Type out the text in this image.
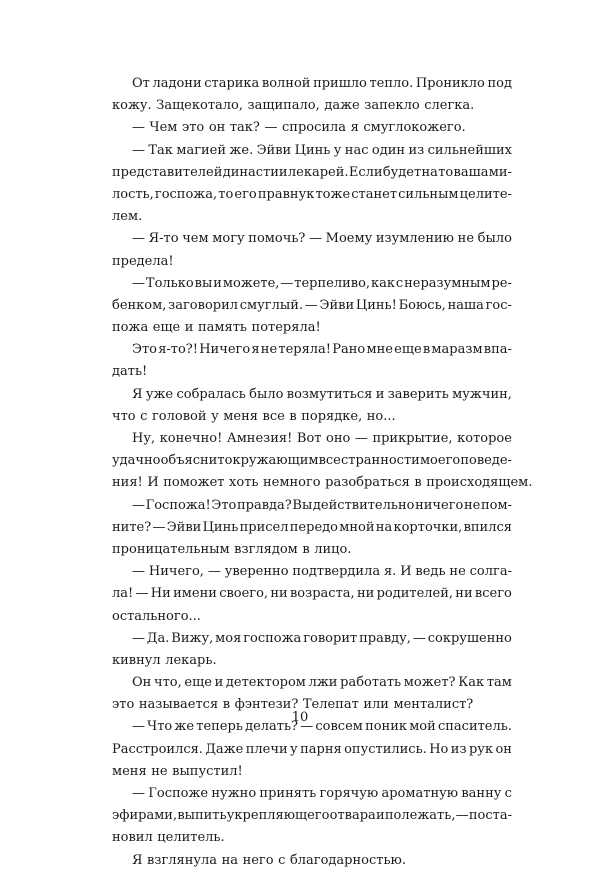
От ладони старика волной пришло тепло. Проникло под
кожу. Защекотало, защипало, даже запекло слегка.
— Чем это он так? — спросила я смуглокожего.
— Так магией же. Эйви Цинь у нас один из сильнейших
представителей династии лекарей. Если будет на то ваша ми-
лость, госпожа, то его правнук тоже станет сильным целите-
лем.
— Я-то чем могу помочь? — Моему изумлению не было
предела!
— Только вы и можете, — терпеливо, как с неразумным ре-
бенком, заговорил смуглый. — Эйви Цинь! Боюсь, наша гос-
пожа еще и память потеряла!
Это я-то?! Ничего я не теряла! Рано мне еще в маразм впа-
дать!
Я уже собралась было возмутиться и заверить мужчин,
что с головой у меня все в порядке, но...
Ну, конечно! Амнезия! Вот оно — прикрытие, которое
удачно объяснит окружающим все странности моего поведе-
ния! И поможет хоть немного разобраться в происходящем.
— Госпожа! Это правда? Вы действительно ничего не пом-
ните? — Эйви Цинь присел передо мной на корточки, впился
проницательным взглядом в лицо.
— Ничего, — уверенно подтвердила я. И ведь не солга-
ла! — Ни имени своего, ни возраста, ни родителей, ни всего
остального...
— Да. Вижу, моя госпожа говорит правду, — сокрушенно
кивнул лекарь.
Он что, еще и детектором лжи работать может? Как там
это называется в фэнтези? Телепат или менталист?
— Что же теперь делать? — совсем поник мой спаситель.
Расстроился. Даже плечи у парня опустились. Но из рук он
меня не выпустил!
— Госпоже нужно принять горячую ароматную ванну с
эфирами, выпить укрепляющего отвара и полежать, — поста-
новил целитель.
Я взглянула на него с благодарностью.
10
